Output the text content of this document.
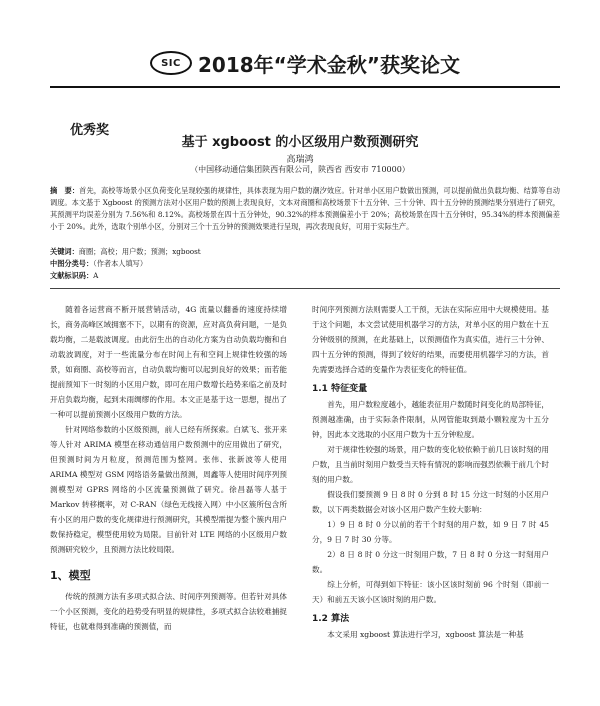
SIC 2018年“学术金秋”获奖论文
优秀奖
基于 xgboost 的小区级用户数预测研究
高瑞鸿
（中国移动通信集团陕西有限公司，陕西省 西安市 710000）

摘　要：首先，高校等场景小区负荷变化呈现较强的规律性，具体表现为用户数的潮汐效应。针对单小区用户数做出预测，可以提前做出负载均衡、结算等自动调度。本文基于 Xgboost 的预测方法对小区用户数的预测上表现良好，文本对商圈和高校场景下十五分钟、三十分钟、四十五分钟的预测结果分别进行了研究，其预测平均误差分别为 7.56%和 8.12%。高校场景在四十五分钟处，90.32%的样本预测偏差小于 20%；高校场景在四十五分钟时，95.34%的样本预测偏差小于 20%。此外，选取个别单小区，分别对三个十五分钟的预测效果进行呈现，再次表现良好，可用于实际生产。

关键词：商圈；高校；用户数；预测；xgboost

中图分类号：（作者本人填写）

文献标识码：A

随着各运营商不断开展营销活动，4G 流量以翻番的速度持续增长，商务高峰区域拥塞不下，以期有的资源，应对高负荷问题，一是负载均衡，二是载波调度。由此衍生出的自动化方案为自动负载均衡和自动载波调度，对于一些流量分布在时间上有和空间上规律性较强的场景，如商圈、高校等而言，自动负载均衡可以起到良好的效果；而若能提前预知下一时刻的小区用户数，即可在用户数增长趋势来临之前及时开启负载均衡，起到未雨绸缪的作用。本文正是基于这一思想，提出了一种可以提前预测小区级用户数的方法。

针对网络参数的小区级预测，前人已经有所探索。白斌飞、张开来等人针对 ARIMA 模型在移动通信用户数预测中的应用做出了研究，但预测时间为月粒度，预测范围为整网。张伟、张新波等人使用 ARIMA 模型对 GSM 网络语务量做出预测，周鑫等人使用时间序列预测模型对 GPRS 网络的小区流量预测做了研究。徐昌磊等人基于 Markov 转移概率，对 C-RAN（绿色无线接入网）中小区簇所包含所有小区的用户数的变化规律进行预测研究，其模型需提为整个簇内用户数保持稳定，模型使用较为局限。目前针对 LTE 网络的小区级用户数预测研究较少，且预测方法比较局限。

1、模型

传统的预测方法有多项式拟合法、时间序列预测等。但若针对具体一个小区预测，变化的趋势受有明显的规律性，多项式拟合法较难捕捉特征，也就难得到准确的预测值，而

时间序列预测方法则需要人工干预，无法在实际应用中大规模使用。基于这个问题，本文尝试使用机器学习的方法，对单小区的用户数在十五分钟级别的预测，在此基础上，以预测值作为真实值，进行三十分钟、四十五分钟的预测，得到了较好的结果，而要使用机器学习的方法，首先需要选择合适的变量作为表征变化的特征值。

1.1 特征变量

首先，用户数粒度越小，越能表征用户数随时间变化的局部特征，预测越准确，由于实际条件限制，从网管能取到最小颗粒度为十五分钟，因此本文选取的小区用户数为十五分钟粒度。

对于规律性较强的场景，用户数的变化较依赖于前几日该时刻的用户数，且当前时刻用户数受当天特有情况的影响而强烈依赖于前几个时刻的用户数。

假设我们要预测 9 日 8 时 0 分到 8 时 15 分这一时刻的小区用户数，以下两类数据会对该小区用户数产生较大影响：

1）9 日 8 时 0 分以前的若干个时刻的用户数，如 9 日 7 时 45 分，9 日 7 时 30 分等。

2）8 日 8 时 0 分这一时刻用户数，7 日 8 时 0 分这一时刻用户数。

综上分析，可得到如下特征：该小区该时刻前 96 个时刻（即前一天）和前五天该小区该时刻的用户数。

1.2 算法

本文采用 xgboost 算法进行学习，xgboost 算法是一种基
